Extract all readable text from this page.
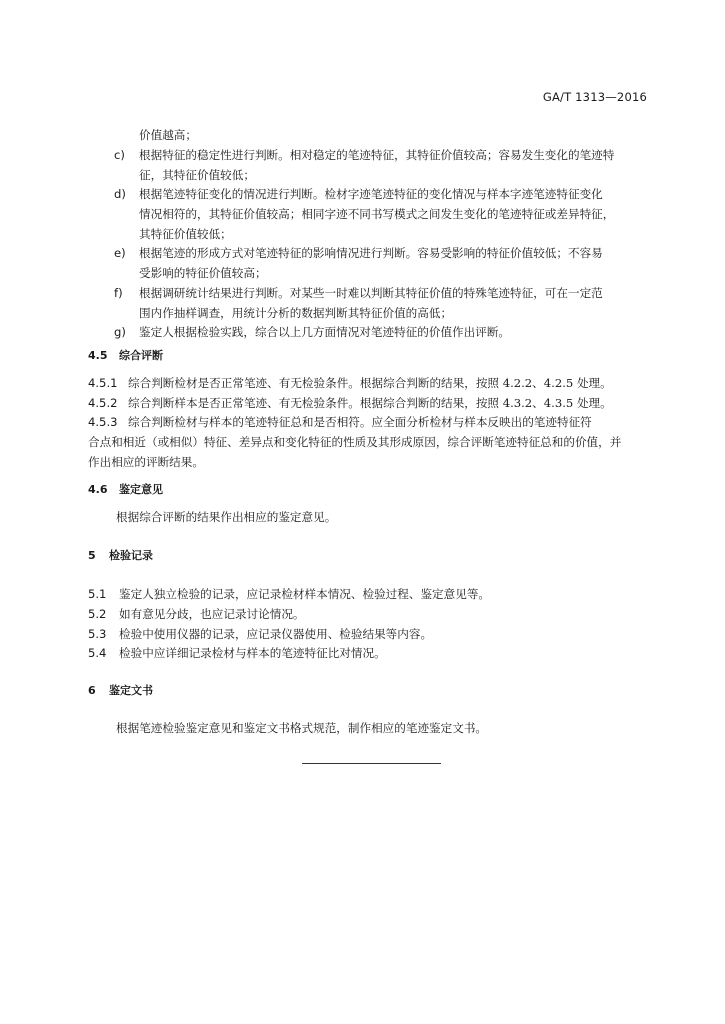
GA/T 1313—2016
价值越高；
c) 根据特征的稳定性进行判断。相对稳定的笔迹特征，其特征价值较高；容易发生变化的笔迹特
征，其特征价值较低；
d) 根据笔迹特征变化的情况进行判断。检材字迹笔迹特征的变化情况与样本字迹笔迹特征变化
情况相符的，其特征价值较高；相同字迹不同书写模式之间发生变化的笔迹特征或差异特征，
其特征价值较低；
e) 根据笔迹的形成方式对笔迹特征的影响情况进行判断。容易受影响的特征价值较低；不容易
受影响的特征价值较高；
f) 根据调研统计结果进行判断。对某些一时难以判断其特征价值的特殊笔迹特征，可在一定范
围内作抽样调查，用统计分析的数据判断其特征价值的高低；
g) 鉴定人根据检验实践，综合以上几方面情况对笔迹特征的价值作出评断。
4.5 综合评断
4.5.1 综合判断检材是否正常笔迹、有无检验条件。根据综合判断的结果，按照 4.2.2、4.2.5 处理。
4.5.2 综合判断样本是否正常笔迹、有无检验条件。根据综合判断的结果，按照 4.3.2、4.3.5 处理。
4.5.3 综合判断检材与样本的笔迹特征总和是否相符。应全面分析检材与样本反映出的笔迹特征符
合点和相近（或相似）特征、差异点和变化特征的性质及其形成原因，综合评断笔迹特征总和的价值，并
作出相应的评断结果。
4.6 鉴定意见
根据综合评断的结果作出相应的鉴定意见。
5 检验记录
5.1 鉴定人独立检验的记录，应记录检材样本情况、检验过程、鉴定意见等。
5.2 如有意见分歧，也应记录讨论情况。
5.3 检验中使用仪器的记录，应记录仪器使用、检验结果等内容。
5.4 检验中应详细记录检材与样本的笔迹特征比对情况。
6 鉴定文书
根据笔迹检验鉴定意见和鉴定文书格式规范，制作相应的笔迹鉴定文书。
